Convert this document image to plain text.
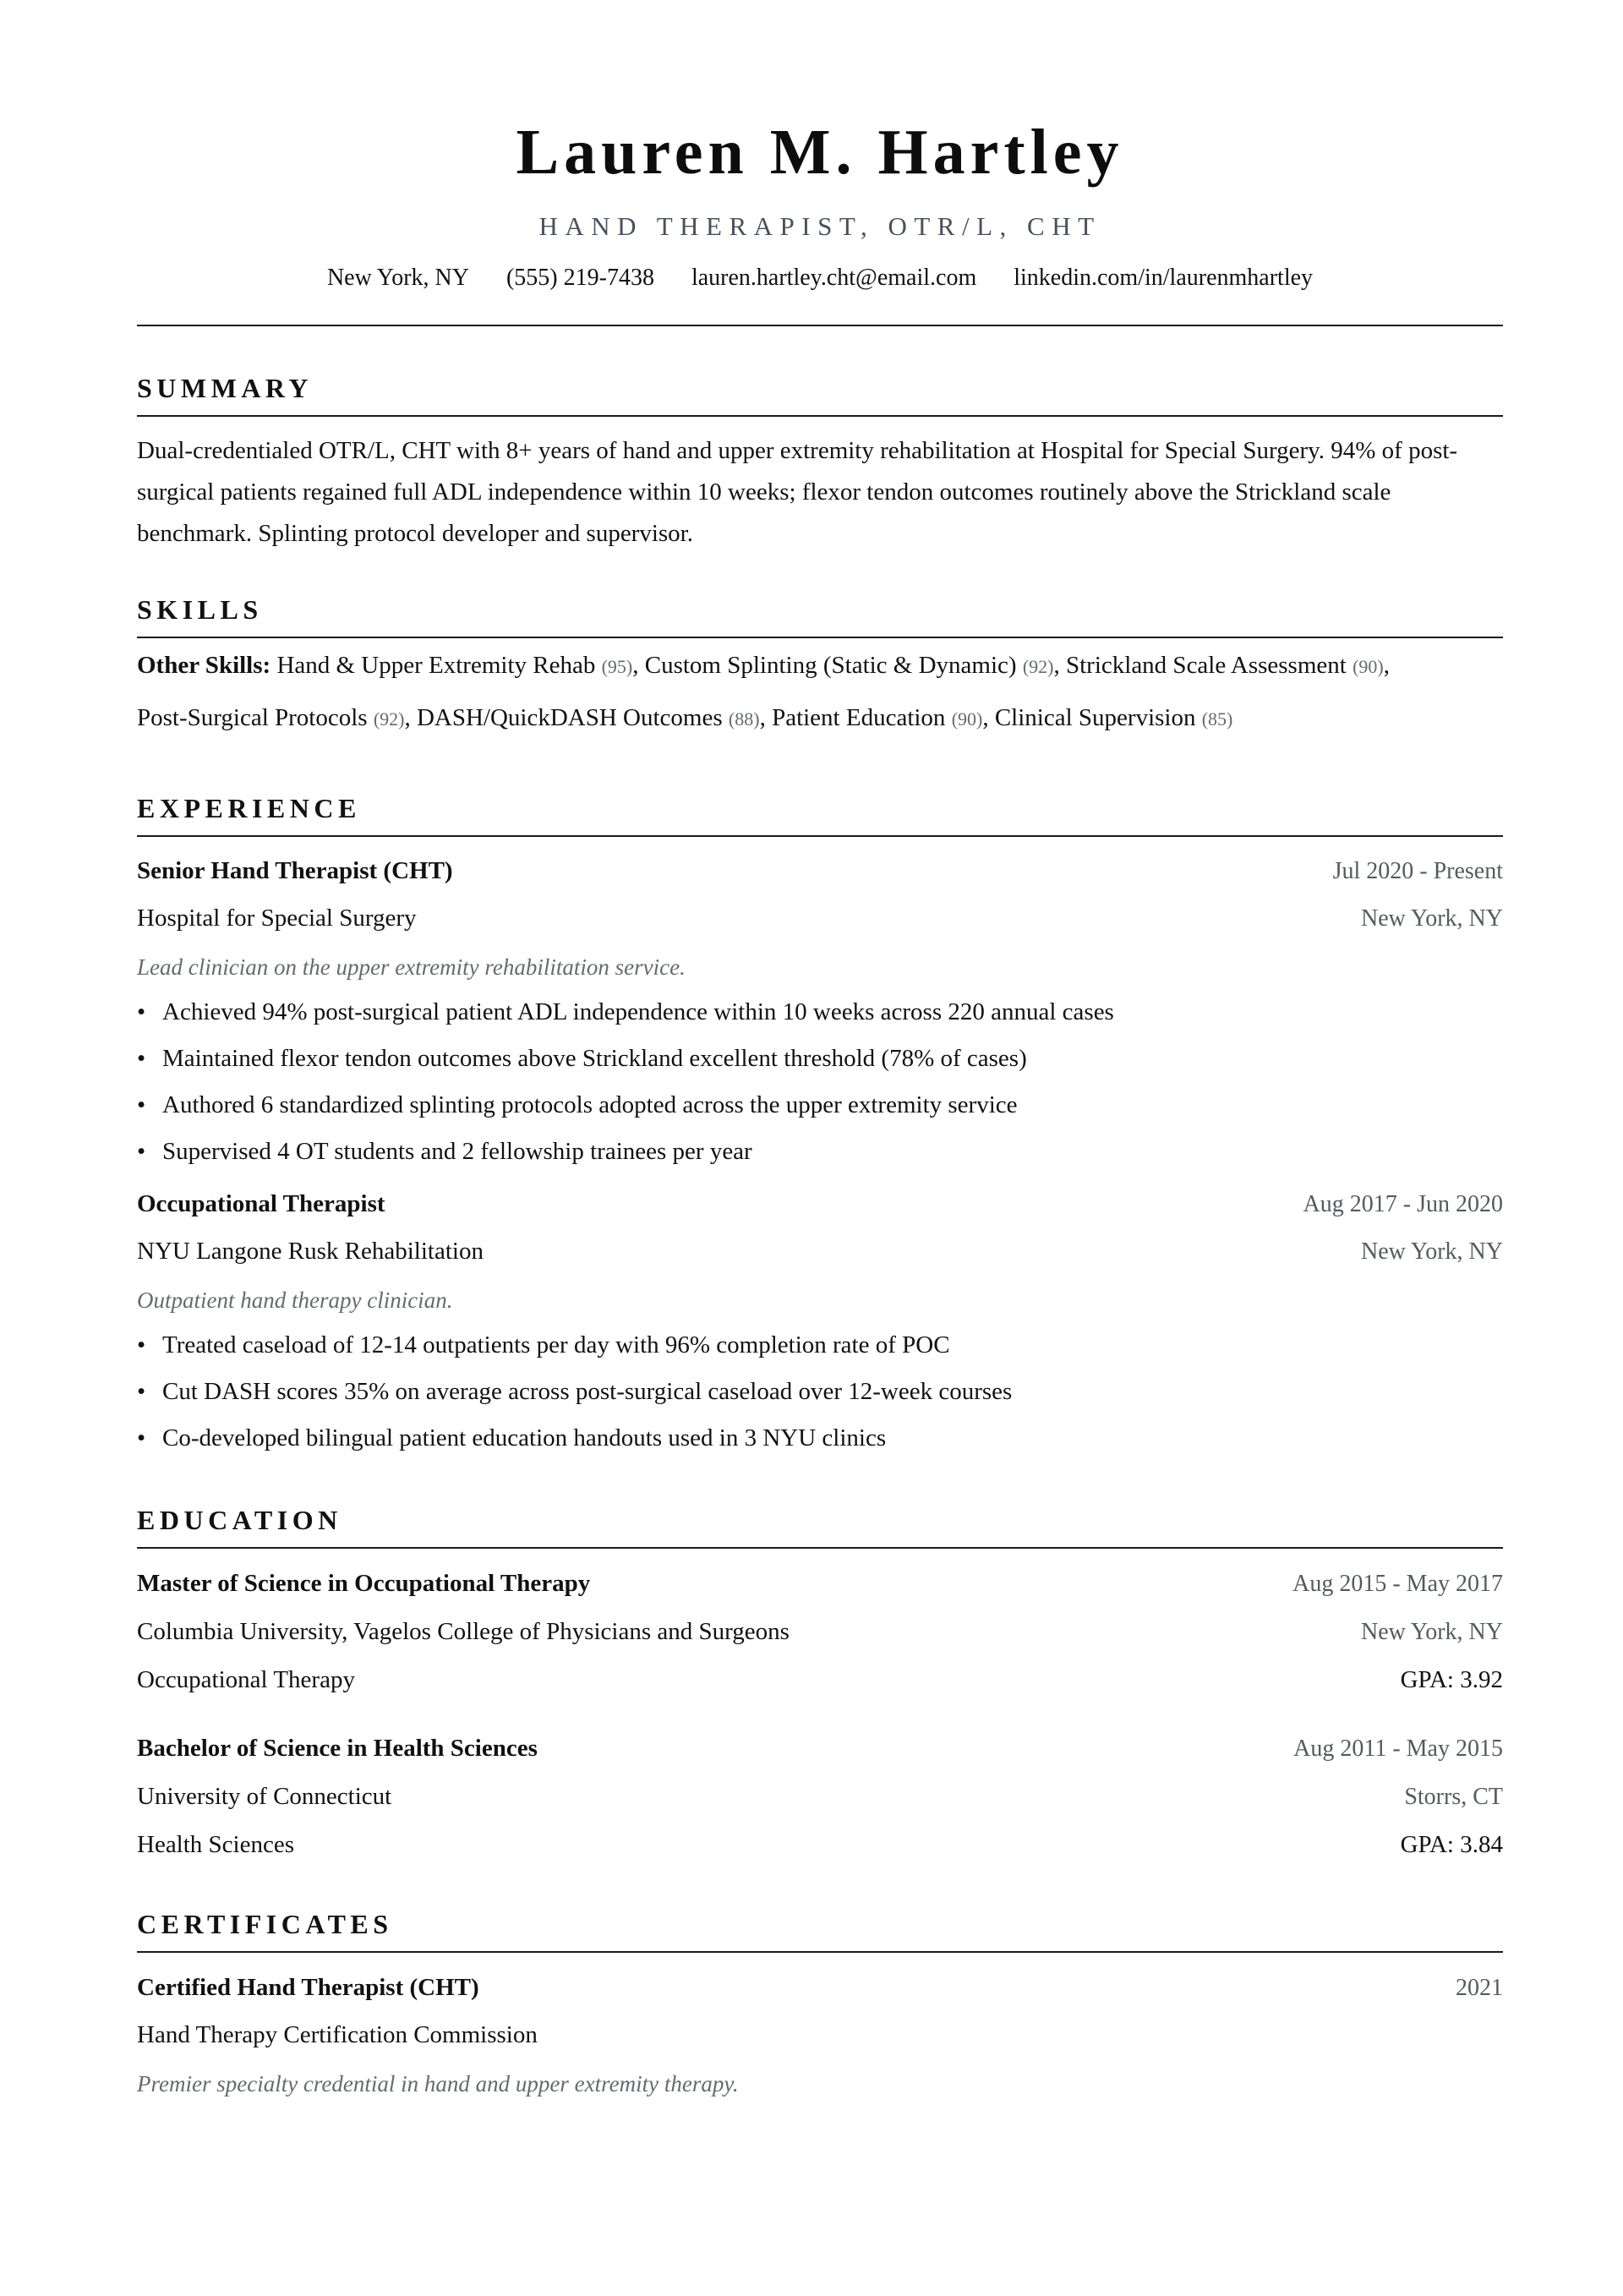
Lauren M. Hartley
HAND THERAPIST, OTR/L, CHT
New York, NY (555) 219-7438 lauren.hartley.cht@email.com linkedin.com/in/laurenmhartley
SUMMARY

Dual-credentialed OTR/L, CHT with 8+ years of hand and upper extremity rehabilitation at Hospital for Special Surgery. 94% of post-surgical patients regained full ADL independence within 10 weeks; flexor tendon outcomes routinely above the Strickland scale benchmark. Splinting protocol developer and supervisor.

SKILLS

Other Skills: Hand & Upper Extremity Rehab (95), Custom Splinting (Static & Dynamic) (92), Strickland Scale Assessment (90),

Post-Surgical Protocols (92), DASH/QuickDASH Outcomes (88), Patient Education (90), Clinical Supervision (85)

EXPERIENCE
Senior Hand Therapist (CHT)	Jul 2020 - Present
Hospital for Special Surgery	New York, NY
Lead clinician on the upper extremity rehabilitation service.
• Achieved 94% post-surgical patient ADL independence within 10 weeks across 220 annual cases
• Maintained flexor tendon outcomes above Strickland excellent threshold (78% of cases)
• Authored 6 standardized splinting protocols adopted across the upper extremity service
• Supervised 4 OT students and 2 fellowship trainees per year
Occupational Therapist	Aug 2017 - Jun 2020
NYU Langone Rusk Rehabilitation	New York, NY
Outpatient hand therapy clinician.
• Treated caseload of 12-14 outpatients per day with 96% completion rate of POC
• Cut DASH scores 35% on average across post-surgical caseload over 12-week courses
• Co-developed bilingual patient education handouts used in 3 NYU clinics
EDUCATION
Master of Science in Occupational Therapy	Aug 2015 - May 2017
Columbia University, Vagelos College of Physicians and Surgeons	New York, NY
Occupational Therapy	GPA: 3.92
Bachelor of Science in Health Sciences	Aug 2011 - May 2015
University of Connecticut	Storrs, CT
Health Sciences	GPA: 3.84
CERTIFICATES
Certified Hand Therapist (CHT)	2021
Hand Therapy Certification Commission
Premier specialty credential in hand and upper extremity therapy.
